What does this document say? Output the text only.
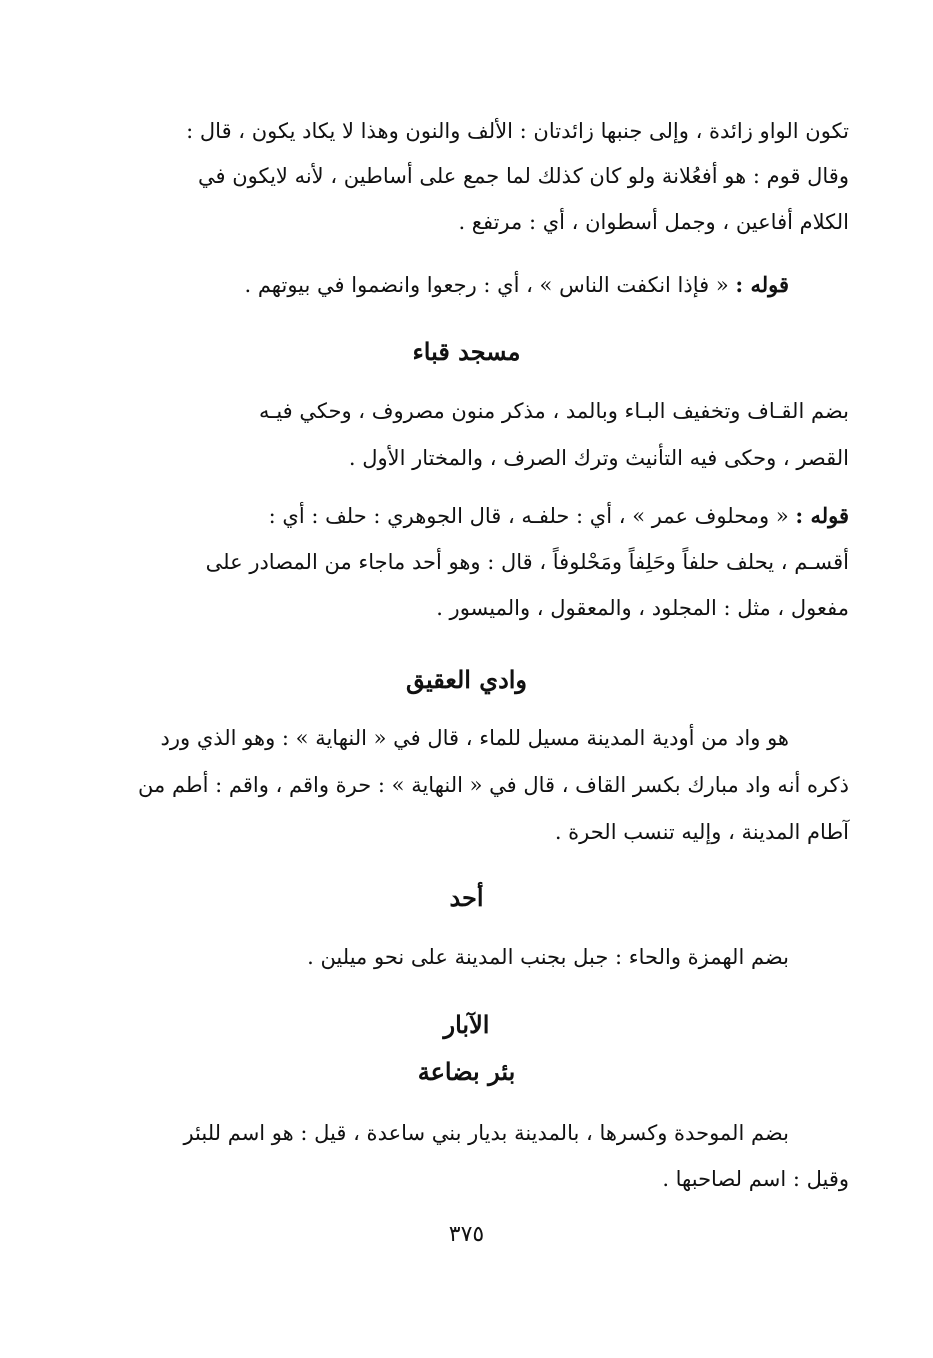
تكون الواو زائدة ، وإلى جنبها زائدتان : الألف والنون وهذا لا يكاد يكون ، قال :
وقال قوم : هو أفعُلانة ولو كان كذلك لما جمع على أساطين ، لأنه لايكون في
الكلام أفاعين ، وجمل أسطوان ، أي : مرتفع .
قوله : « فإذا انكفت الناس » ، أي : رجعوا وانضموا في بيوتهم .
مسجد قباء
بضم القـاف وتخفيف البـاء وبالمد ، مذكر منون مصروف ، وحكي فيـه
القصر ، وحكى فيه التأنيث وترك الصرف ، والمختار الأول .
قوله : « ومحلوف عمر » ، أي : حلفـه ، قال الجوهري : حلف : أي :
أقسـم ، يحلف حلفاً وحَلِفاً ومَحْلوفاً ، قال : وهو أحد ماجاء من المصادر على
مفعول ، مثل : المجلود ، والمعقول ، والميسور .
وادي العقيق
هو واد من أودية المدينة مسيل للماء ، قال في « النهاية » : وهو الذي ورد
ذكره أنه واد مبارك بكسر القاف ، قال في « النهاية » : حرة واقم ، واقم : أطم من
آطام المدينة ، وإليه تنسب الحرة .
أحد
بضم الهمزة والحاء : جبل بجنب المدينة على نحو ميلين .
الآبار
بئر بضاعة
بضم الموحدة وكسرها ، بالمدينة بديار بني ساعدة ، قيل : هو اسم للبئر
وقيل : اسم لصاحبها .
٣٧٥
